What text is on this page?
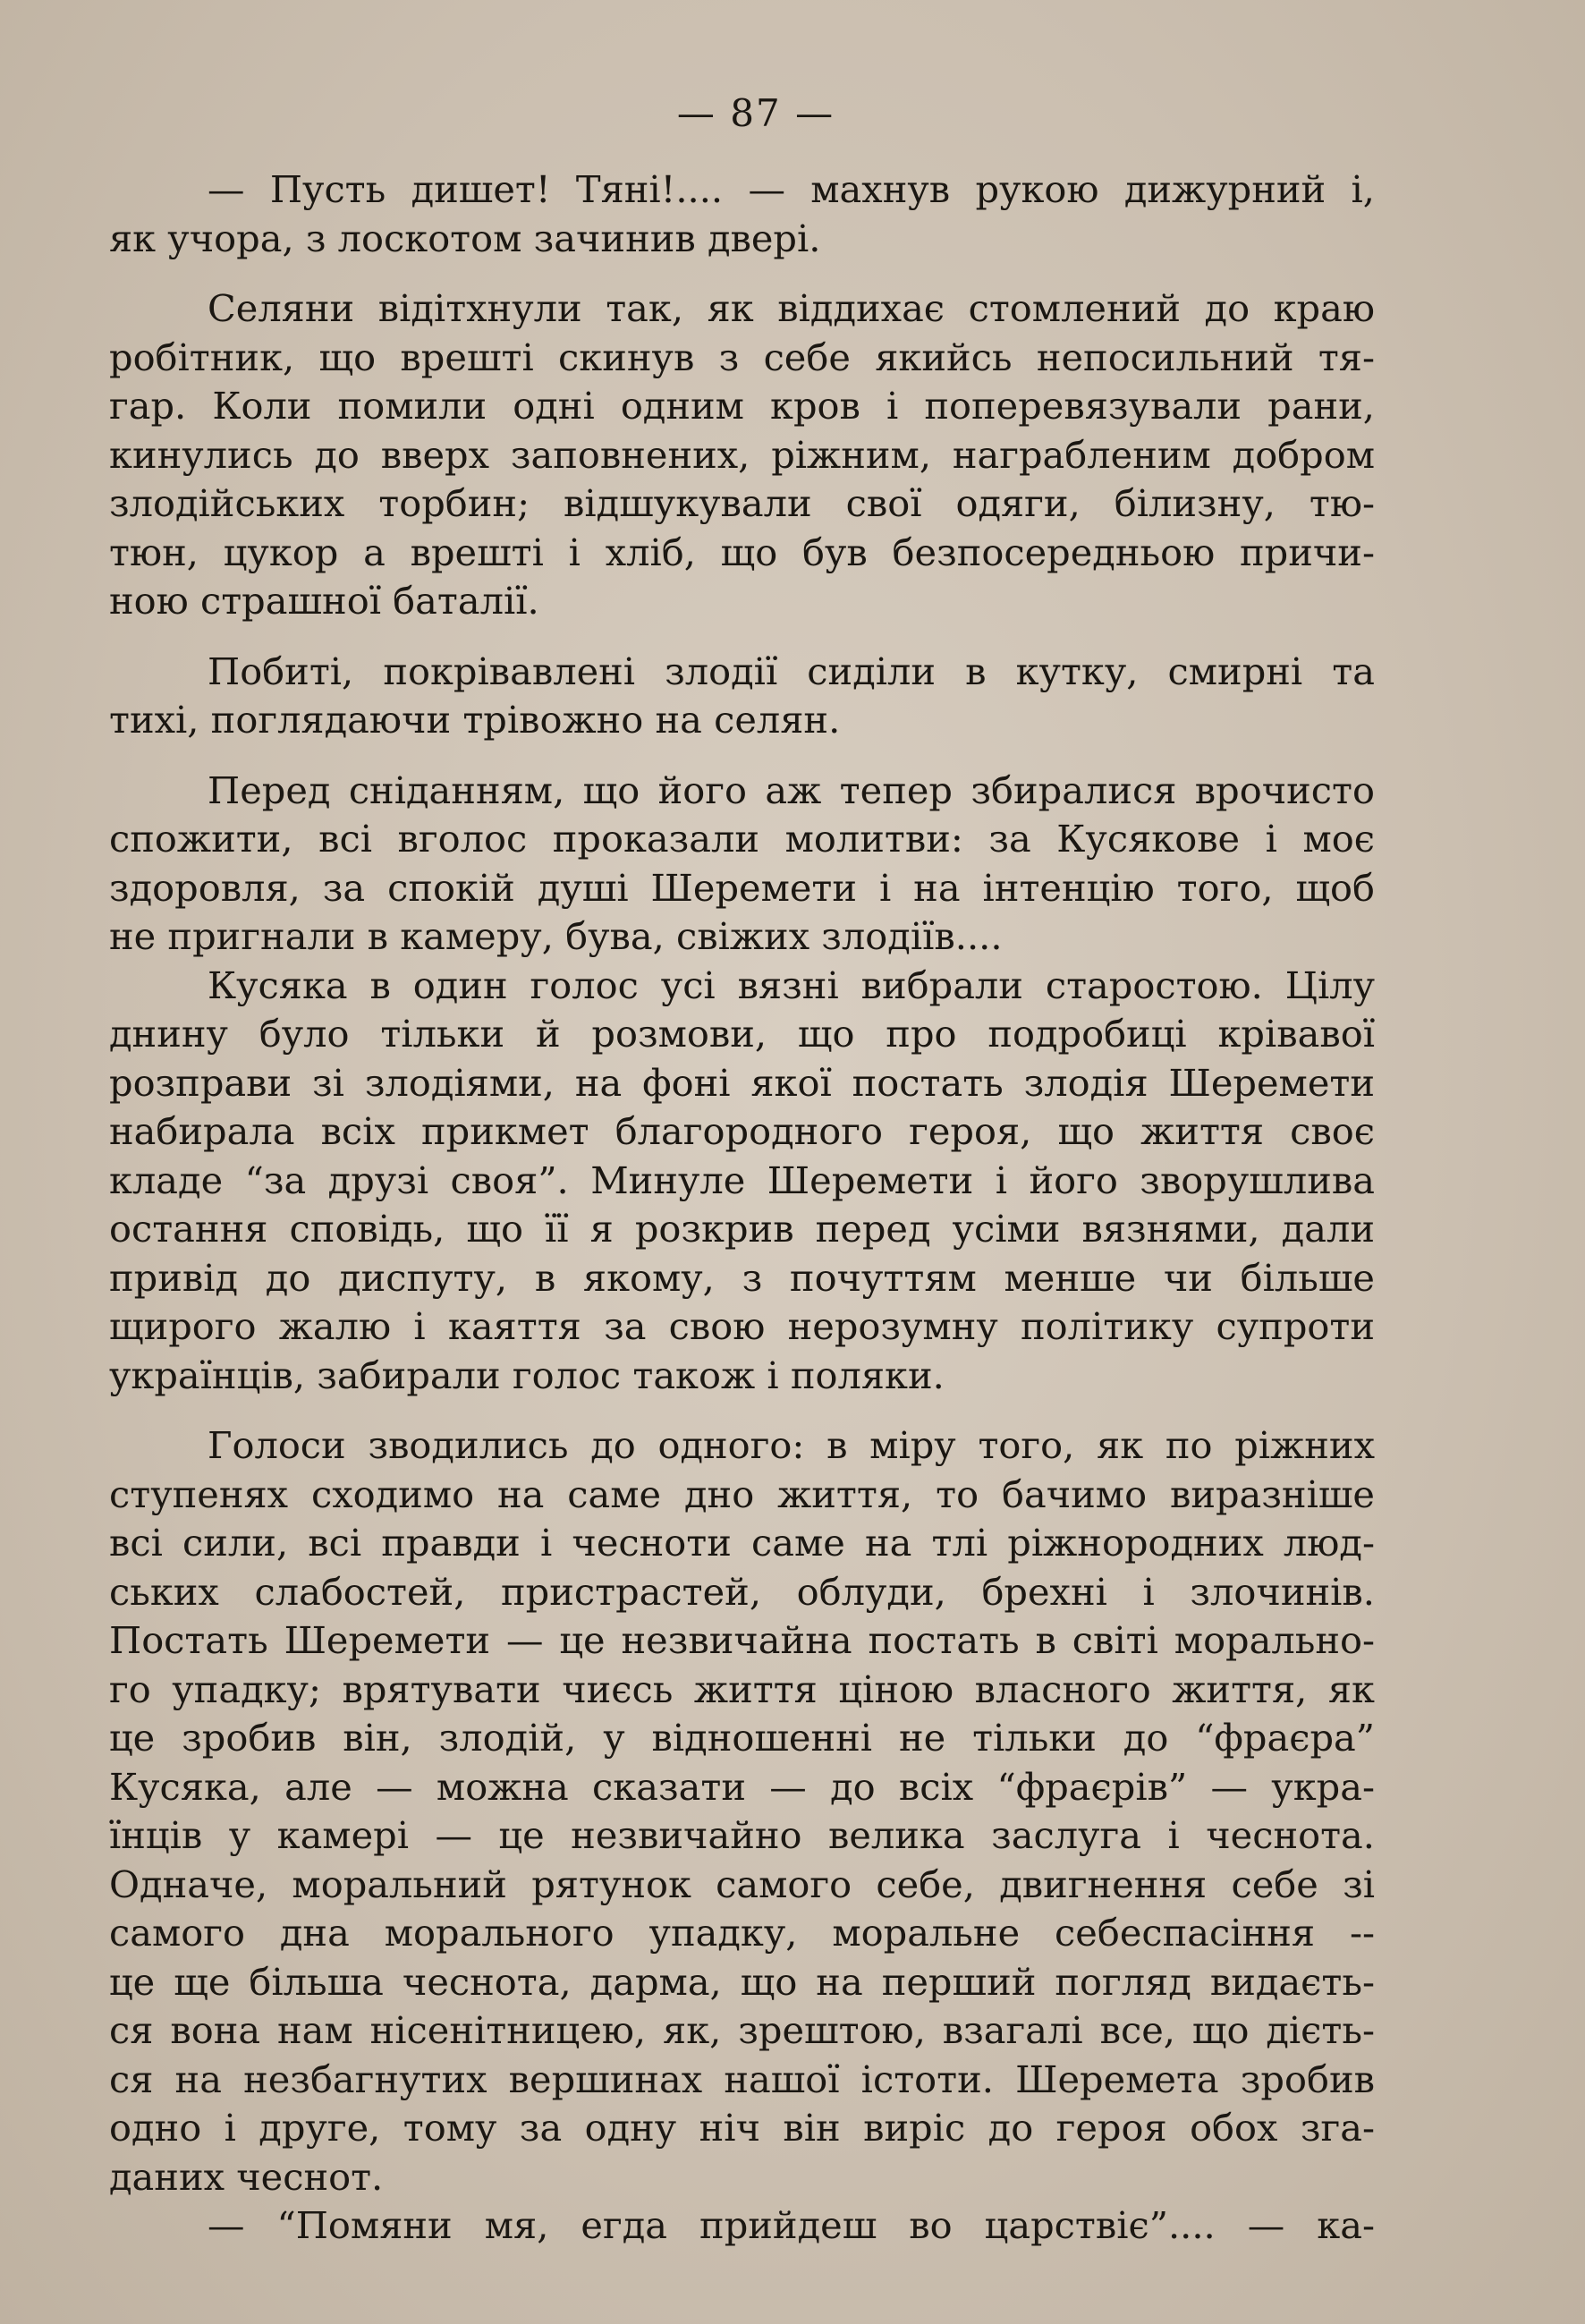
— 87 —
— Пусть дишет! Тяні!.... — махнув рукою дижурний і,
як учора, з лоскотом зачинив двері.
Селяни відітхнули так, як віддихає стомлений до краю
робітник, що врешті скинув з себе якийсь непосильний тя-
гар. Коли помили одні одним кров і поперевязували рани,
кинулись до вверх заповнених, ріжним, награбленим добром
злодійських торбин; відшукували свої одяги, білизну, тю-
тюн, цукор а врешті і хліб, що був безпосередньою причи-
ною страшної баталії.
Побиті, покрівавлені злодії сиділи в кутку, смирні та
тихі, поглядаючи трівожно на селян.
Перед сніданням, що його аж тепер збиралися врочисто
спожити, всі вголос проказали молитви: за Кусякове і моє
здоровля, за спокій душі Шеремети і на інтенцію того, щоб
не пригнали в камеру, бува, свіжих злодіїв....
Кусяка в один голос усі вязні вибрали старостою. Цілу
днину було тільки й розмови, що про подробиці крівавої
розправи зі злодіями, на фоні якої постать злодія Шеремети
набирала всіх прикмет благородного героя, що життя своє
кладе “за друзі своя”. Минуле Шеремети і його зворушлива
остання сповідь, що її я розкрив перед усіми вязнями, дали
привід до диспуту, в якому, з почуттям менше чи більше
щирого жалю і каяття за свою нерозумну політику супроти
українців, забирали голос також і поляки.
Голоси зводились до одного: в міру того, як по ріжних
ступенях сходимо на саме дно життя, то бачимо виразніше
всі сили, всі правди і чесноти саме на тлі ріжнородних люд-
ських слабостей, пристрастей, облуди, брехні і злочинів.
Постать Шеремети — це незвичайна постать в світі морально-
го упадку; врятувати чиєсь життя ціною власного життя, як
це зробив він, злодій, у відношенні не тільки до “фраєра”
Кусяка, але — можна сказати — до всіх “фраєрів” — укра-
їнців у камері — це незвичайно велика заслуга і чеснота.
Одначе, моральний рятунок самого себе, двигнення себе зі
самого дна морального упадку, моральне себеспасіння --
це ще більша чеснота, дарма, що на перший погляд видаєть-
ся вона нам нісенітницею, як, зрештою, взагалі все, що дієть-
ся на незбагнутих вершинах нашої істоти. Шеремета зробив
одно і друге, тому за одну ніч він виріс до героя обох зга-
даних чеснот.
— “Помяни мя, егда прийдеш во царствіє”.... — ка-
